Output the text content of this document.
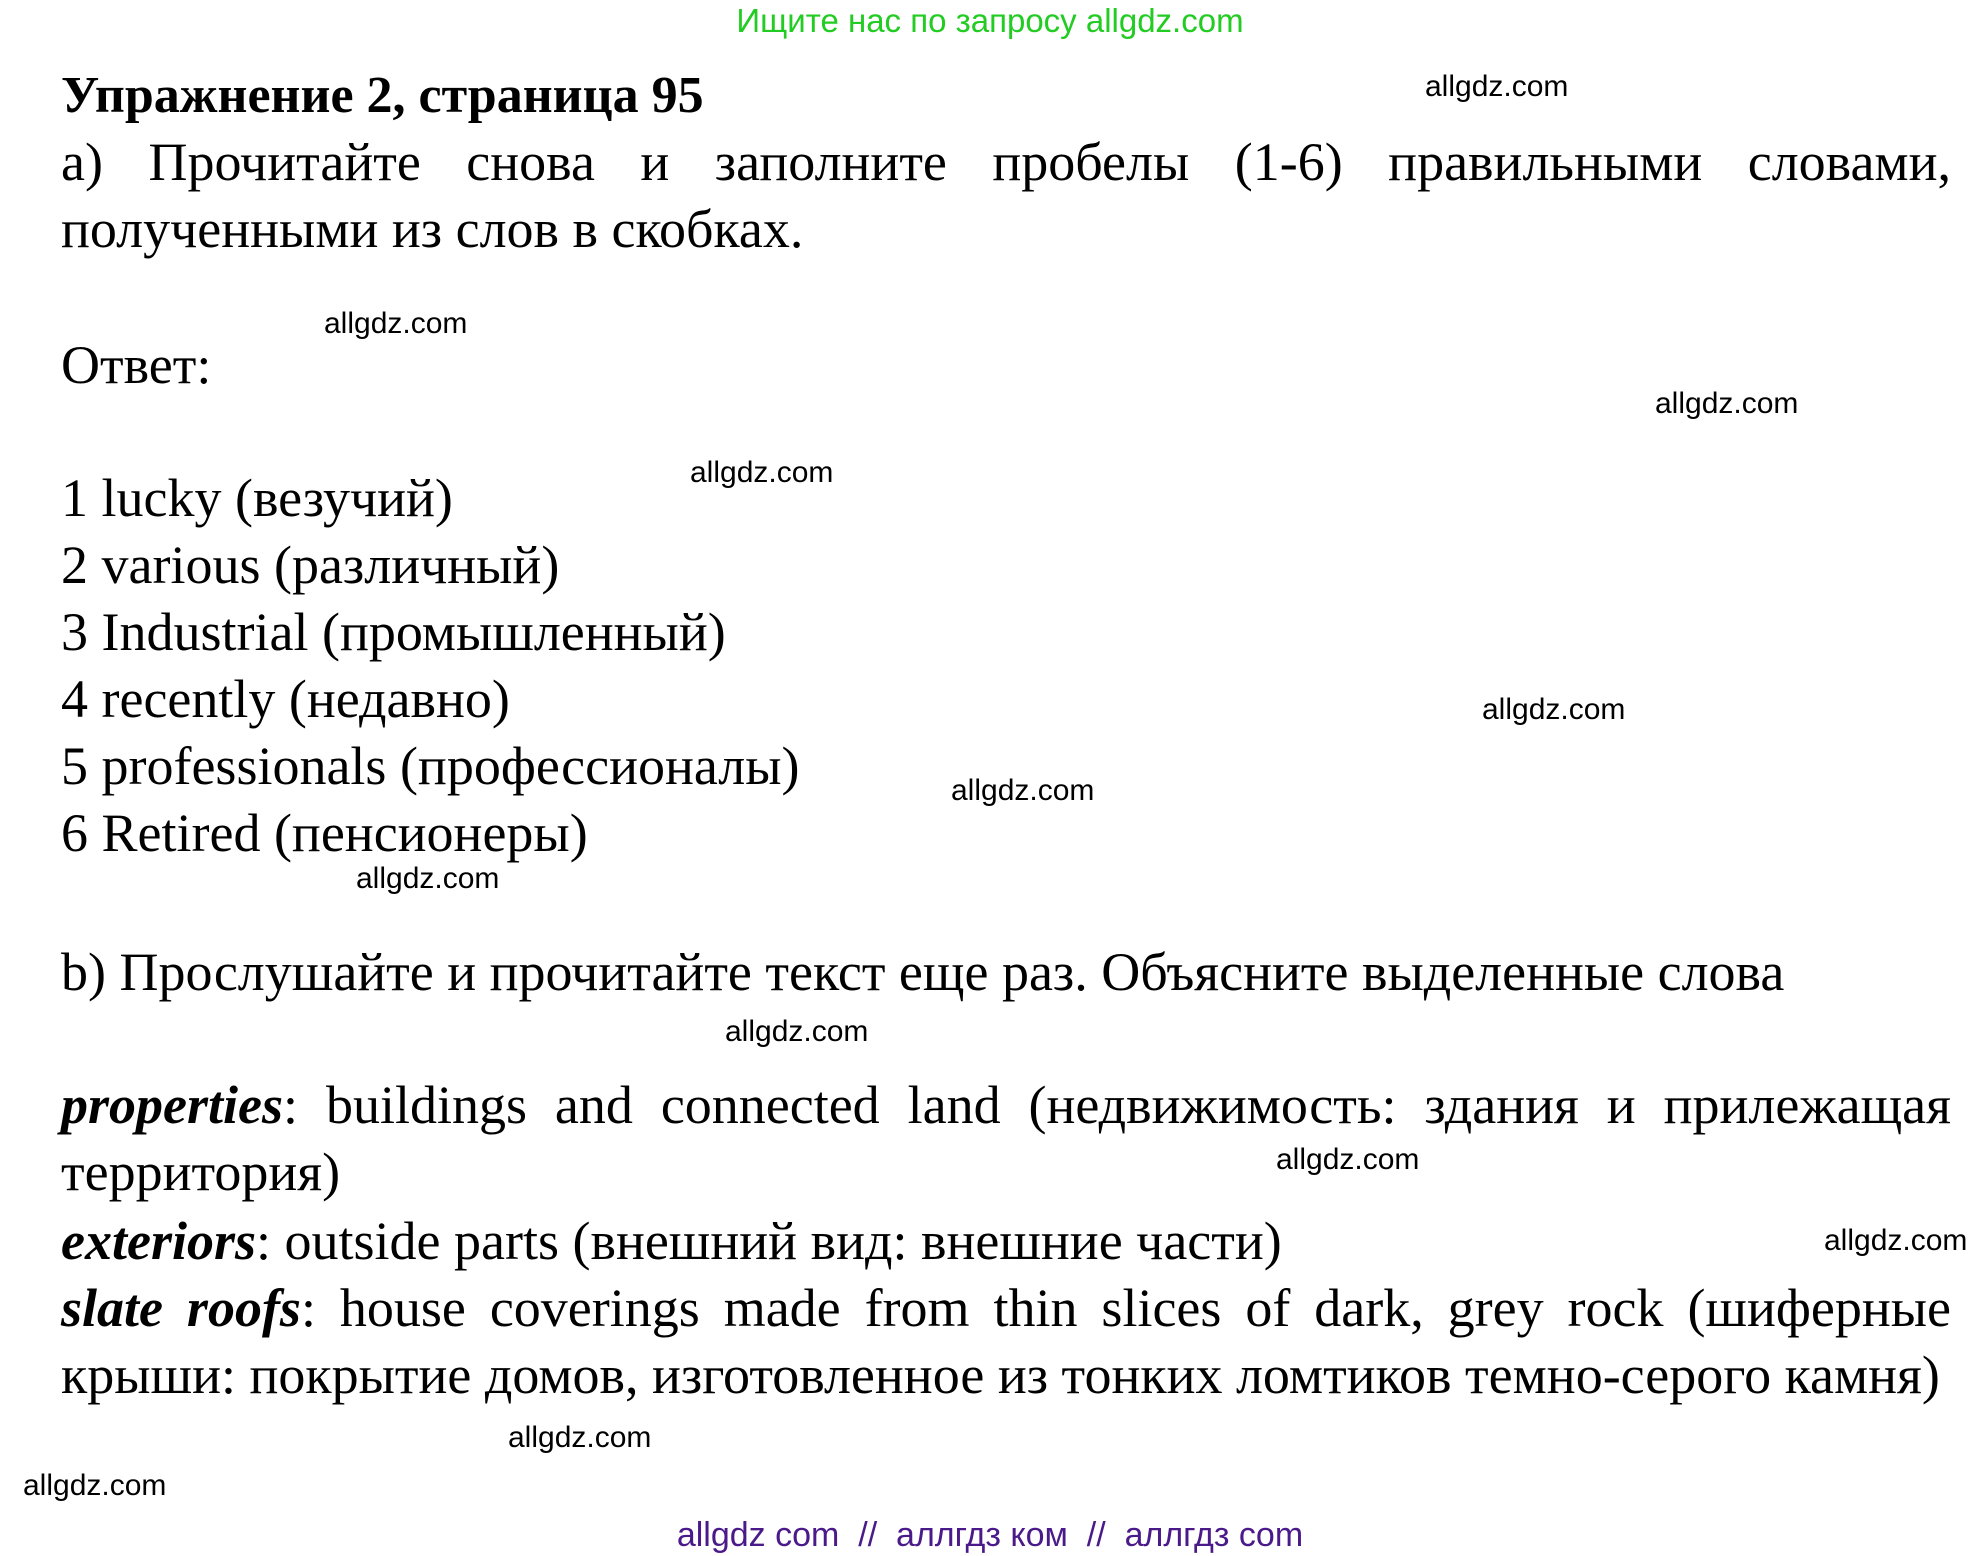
Ищите нас по запросу allgdz.com
Упражнение 2, страница 95
a) Прочитайте снова и заполните пробелы (1-6) правильными словами, полученными из слов в скобках.
Ответ:
1 lucky (везучий)
2 various (различный)
3 Industrial (промышленный)
4 recently (недавно)
5 professionals (профессионалы)
6 Retired (пенсионеры)
b) Прослушайте и прочитайте текст еще раз. Объясните выделенные слова
properties: buildings and connected land (недвижимость: здания и прилежащая территория)
exteriors: outside parts (внешний вид: внешние части)
slate roofs: house coverings made from thin slices of dark, grey rock (шиферные крыши: покрытие домов, изготовленное из тонких ломтиков темно-серого камня)
allgdz.com
allgdz.com
allgdz.com
allgdz.com
allgdz.com
allgdz.com
allgdz.com
allgdz.com
allgdz.com
allgdz.com
allgdz.com
allgdz.com
allgdz com  //  аллгдз ком  //  аллгдз com
